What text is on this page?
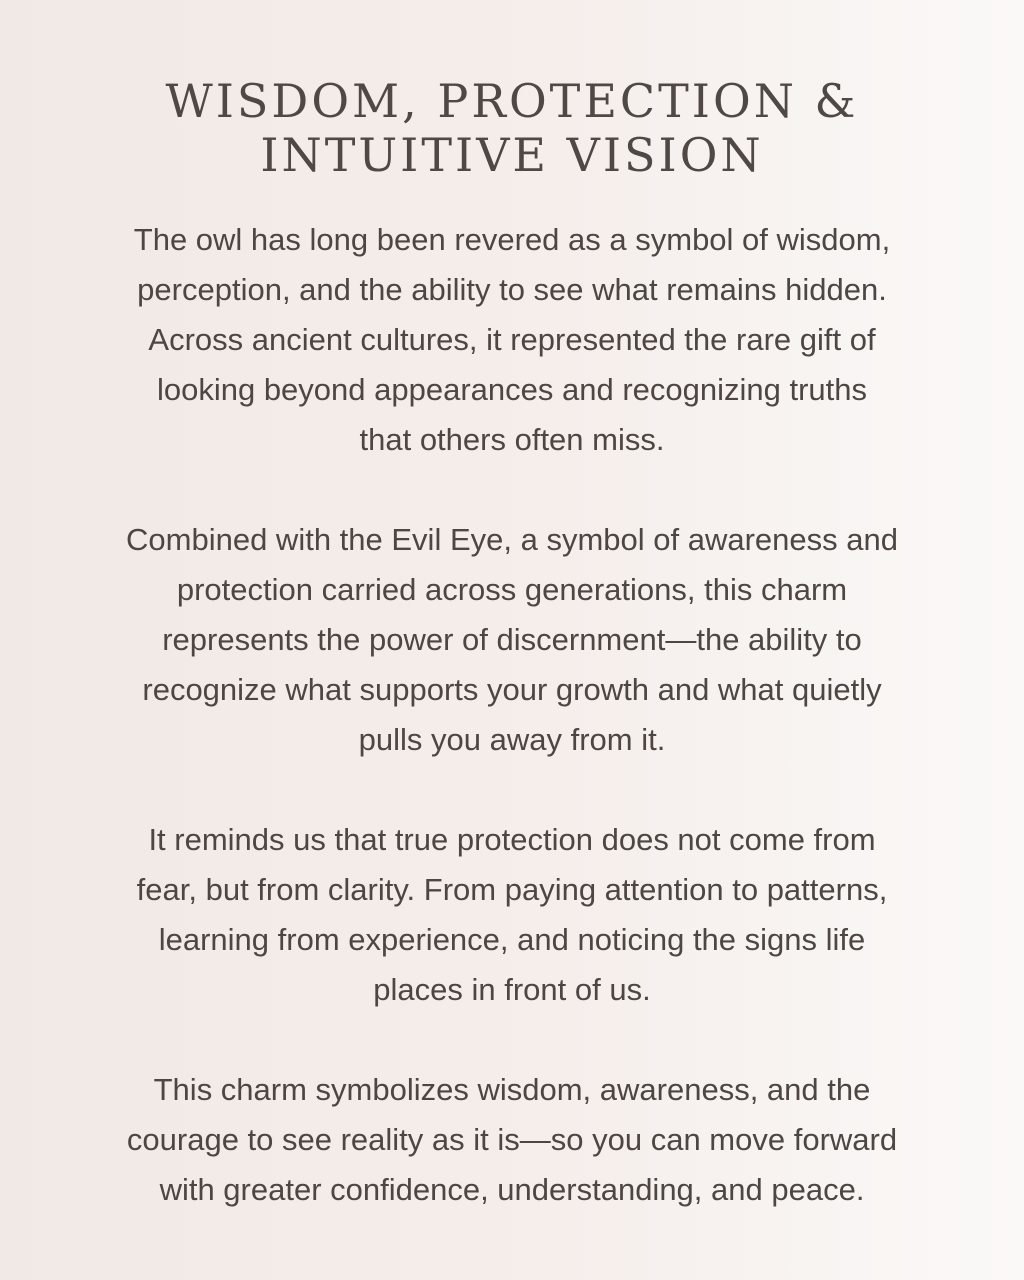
WISDOM, PROTECTION &
INTUITIVE VISION

The owl has long been revered as a symbol of wisdom,
perception, and the ability to see what remains hidden.
Across ancient cultures, it represented the rare gift of
looking beyond appearances and recognizing truths
that others often miss.

Combined with the Evil Eye, a symbol of awareness and
protection carried across generations, this charm
represents the power of discernment—the ability to
recognize what supports your growth and what quietly
pulls you away from it.

It reminds us that true protection does not come from
fear, but from clarity. From paying attention to patterns,
learning from experience, and noticing the signs life
places in front of us.

This charm symbolizes wisdom, awareness, and the
courage to see reality as it is—so you can move forward
with greater confidence, understanding, and peace.
